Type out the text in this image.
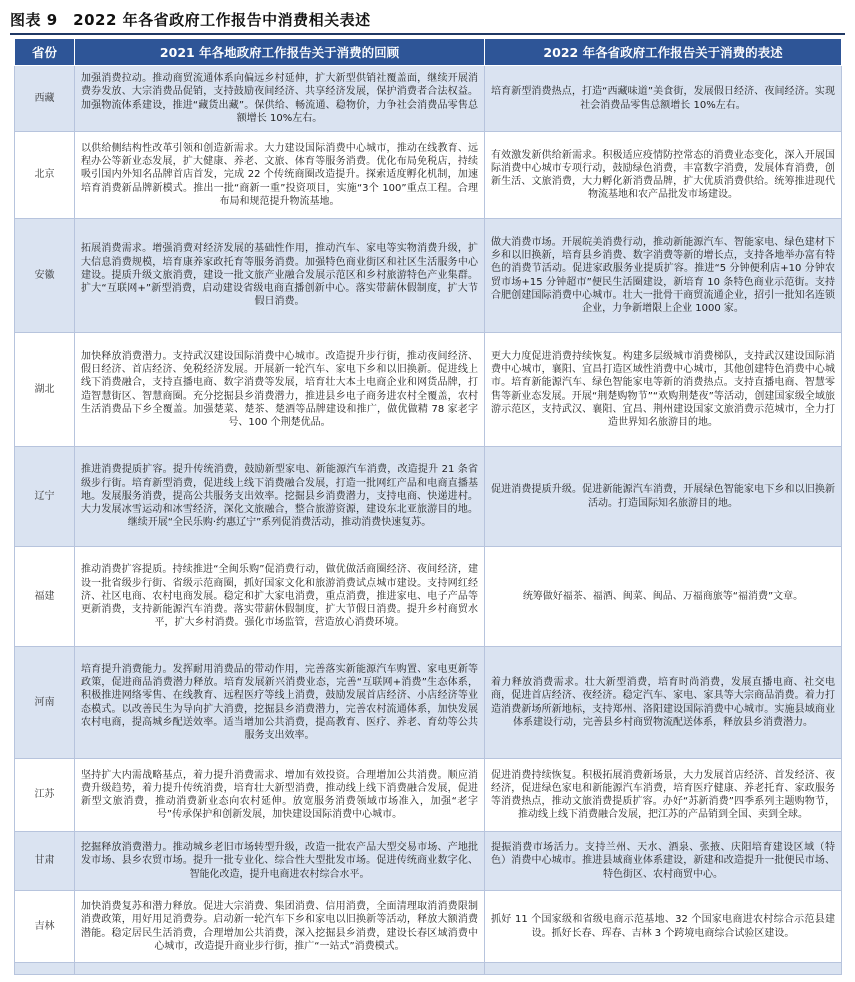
图表 9　2022 年各省政府工作报告中消费相关表述
省份	2021 年各地政府工作报告关于消费的回顾	2022 年各省政府工作报告关于消费的表述
西藏	加强消费拉动。推动商贸流通体系向偏远乡村延伸，扩大新型供销社覆盖面，继续开展消费券发放、大宗消费品促销，支持鼓励夜间经济、共享经济发展，保护消费者合法权益。加强物流体系建设，推进“藏货出藏”。保供给、畅流通、稳物价，力争社会消费品零售总额增长 10%左右。	培育新型消费热点，打造“西藏味道”美食街，发展假日经济、夜间经济。实现社会消费品零售总额增长 10%左右。
北京	以供给侧结构性改革引领和创造新需求。大力建设国际消费中心城市，推动在线教育、远程办公等新业态发展，扩大健康、养老、文旅、体育等服务消费。优化布局免税店，持续吸引国内外知名品牌首店首发，完成 22 个传统商圈改造提升。探索适度孵化机制，加速培育消费新品牌新模式。推出一批“商新一重”投资项目，实施“3个 100”重点工程。合理布局和规范提升物流基地。	有效激发新供给新需求。积极适应疫情防控常态的消费业态变化，深入开展国际消费中心城市专项行动，鼓励绿色消费，丰富数字消费，发展体育消费，创新生活、文旅消费，大力孵化新消费品牌，扩大优质消费供给。统筹推进现代物流基地和农产品批发市场建设。
安徽	拓展消费需求。增强消费对经济发展的基础性作用，推动汽车、家电等实物消费升级，扩大信息消费规模，培育康养家政托育等服务消费。加强特色商业街区和社区生活服务中心建设。提质升级文旅消费，建设一批文旅产业融合发展示范区和乡村旅游特色产业集群。扩大“互联网+”新型消费，启动建设省级电商直播创新中心。落实带薪休假制度，扩大节假日消费。	做大消费市场。开展皖美消费行动，推动新能源汽车、智能家电、绿色建材下乡和以旧换新，培育县乡消费、数字消费等新的增长点，支持各地举办富有特色的消费节活动。促进家政服务业提质扩容。推进“5 分钟便利店+10 分钟农贸市场+15 分钟超市”便民生活圈建设，新培育 10 条特色商业示范街。支持合肥创建国际消费中心城市。壮大一批骨干商贸流通企业，招引一批知名连锁企业，力争新增限上企业 1000 家。
湖北	加快释放消费潜力。支持武汉建设国际消费中心城市。改造提升步行街，推动夜间经济、假日经济、首店经济、免税经济发展。开展新一轮汽车、家电下乡和以旧换新。促进线上线下消费融合，支持直播电商、数字消费等发展，培育壮大本土电商企业和网货品牌，打造智慧街区、智慧商圈。充分挖掘县乡消费潜力，推进县乡电子商务进农村全覆盖，农村生活消费品下乡全覆盖。加强楚菜、楚茶、楚酒等品牌建设和推广，做优做精 78 家老字号、100 个荆楚优品。	更大力度促进消费持续恢复。构建多层级城市消费梯队，支持武汉建设国际消费中心城市，襄阳、宜昌打造区域性消费中心城市，其他创建特色消费中心城市。培育新能源汽车、绿色智能家电等新的消费热点。支持直播电商、智慧零售等新业态发展。开展“荆楚购物节”“欢购荆楚夜”等活动，创建国家级全域旅游示范区，支持武汉、襄阳、宜昌、荆州建设国家文旅消费示范城市，全力打造世界知名旅游目的地。
辽宁	推进消费提质扩容。提升传统消费，鼓励新型家电、新能源汽车消费，改造提升 21 条省级步行街。培育新型消费，促进线上线下消费融合发展，打造一批网红产品和电商直播基地。发展服务消费，提高公共服务支出效率。挖掘县乡消费潜力，支持电商、快递进村。大力发展冰雪运动和冰雪经济，深化文旅融合，整合旅游资源，建设东北亚旅游目的地。继续开展“全民乐购·约惠辽宁”系列促消费活动，推动消费快速复苏。	促进消费提质升级。促进新能源汽车消费，开展绿色智能家电下乡和以旧换新活动。打造国际知名旅游目的地。
福建	推动消费扩容提质。持续推进“全闽乐购”促消费行动，做优做活商圈经济、夜间经济，建设一批省级步行街、省级示范商圈，抓好国家文化和旅游消费试点城市建设。支持网红经济、社区电商、农村电商发展。稳定和扩大家电消费，重点消费，推进家电、电子产品等更新消费，支持新能源汽车消费。落实带薪休假制度，扩大节假日消费。提升乡村商贸水平，扩大乡村消费。强化市场监管，营造放心消费环境。	统筹做好福茶、福酒、闽菜、闽品、万福商旅等“福消费”文章。
河南	培育提升消费能力。发挥耐用消费品的带动作用，完善落实新能源汽车购置、家电更新等政策，促进商品消费潜力释放。培育发展新兴消费业态，完善“互联网+消费”生态体系，积极推进网络零售、在线教育、远程医疗等线上消费，鼓励发展首店经济、小店经济等业态模式。以改善民生为导向扩大消费，挖掘县乡消费潜力，完善农村流通体系，加快发展农村电商，提高城乡配送效率。适当增加公共消费，提高教育、医疗、养老、育幼等公共服务支出效率。	着力释放消费需求。壮大新型消费，培育时尚消费，发展直播电商、社交电商，促进首店经济、夜经济。稳定汽车、家电、家具等大宗商品消费。着力打造消费新场所新地标，支持郑州、洛阳建设国际消费中心城市。实施县域商业体系建设行动，完善县乡村商贸物流配送体系，释放县乡消费潜力。
江苏	坚持扩大内需战略基点，着力提升消费需求、增加有效投资。合理增加公共消费。顺应消费升级趋势，着力提升传统消费，培育壮大新型消费，推动线上线下消费融合发展，促进新型文旅消费，推动消费新业态向农村延伸。放宽服务消费领域市场准入，加强“老字号”传承保护和创新发展，加快建设国际消费中心城市。	促进消费持续恢复。积极拓展消费新场景，大力发展首店经济、首发经济、夜经济，促进绿色家电和新能源汽车消费，培育医疗健康、养老托育、家政服务等消费热点，推动文旅消费提质扩容。办好“苏新消费”四季系列主题购物节，推动线上线下消费融合发展，把江苏的产品销到全国、卖到全球。
甘肃	挖掘释放消费潜力。推动城乡老旧市场转型升级，改造一批农产品大型交易市场、产地批发市场、县乡农贸市场。提升一批专业化、综合性大型批发市场。促进传统商业数字化、智能化改造，提升电商进农村综合水平。	提振消费市场活力。支持兰州、天水、酒泉、张掖、庆阳培育建设区域（特色）消费中心城市。推进县域商业体系建设，新建和改造提升一批便民市场、特色街区、农村商贸中心。
吉林	加快消费复苏和潜力释放。促进大宗消费、集团消费、信用消费，全面清理取消消费限制消费政策，用好用足消费券。启动新一轮汽车下乡和家电以旧换新等活动，释放大额消费潜能。稳定居民生活消费，合理增加公共消费，深入挖掘县乡消费，建设长春区域消费中心城市，改造提升商业步行街，推广“一站式”消费模式。	抓好 11 个国家级和省级电商示范基地、32 个国家电商进农村综合示范县建设。抓好长春、珲春、吉林 3 个跨境电商综合试验区建设。
